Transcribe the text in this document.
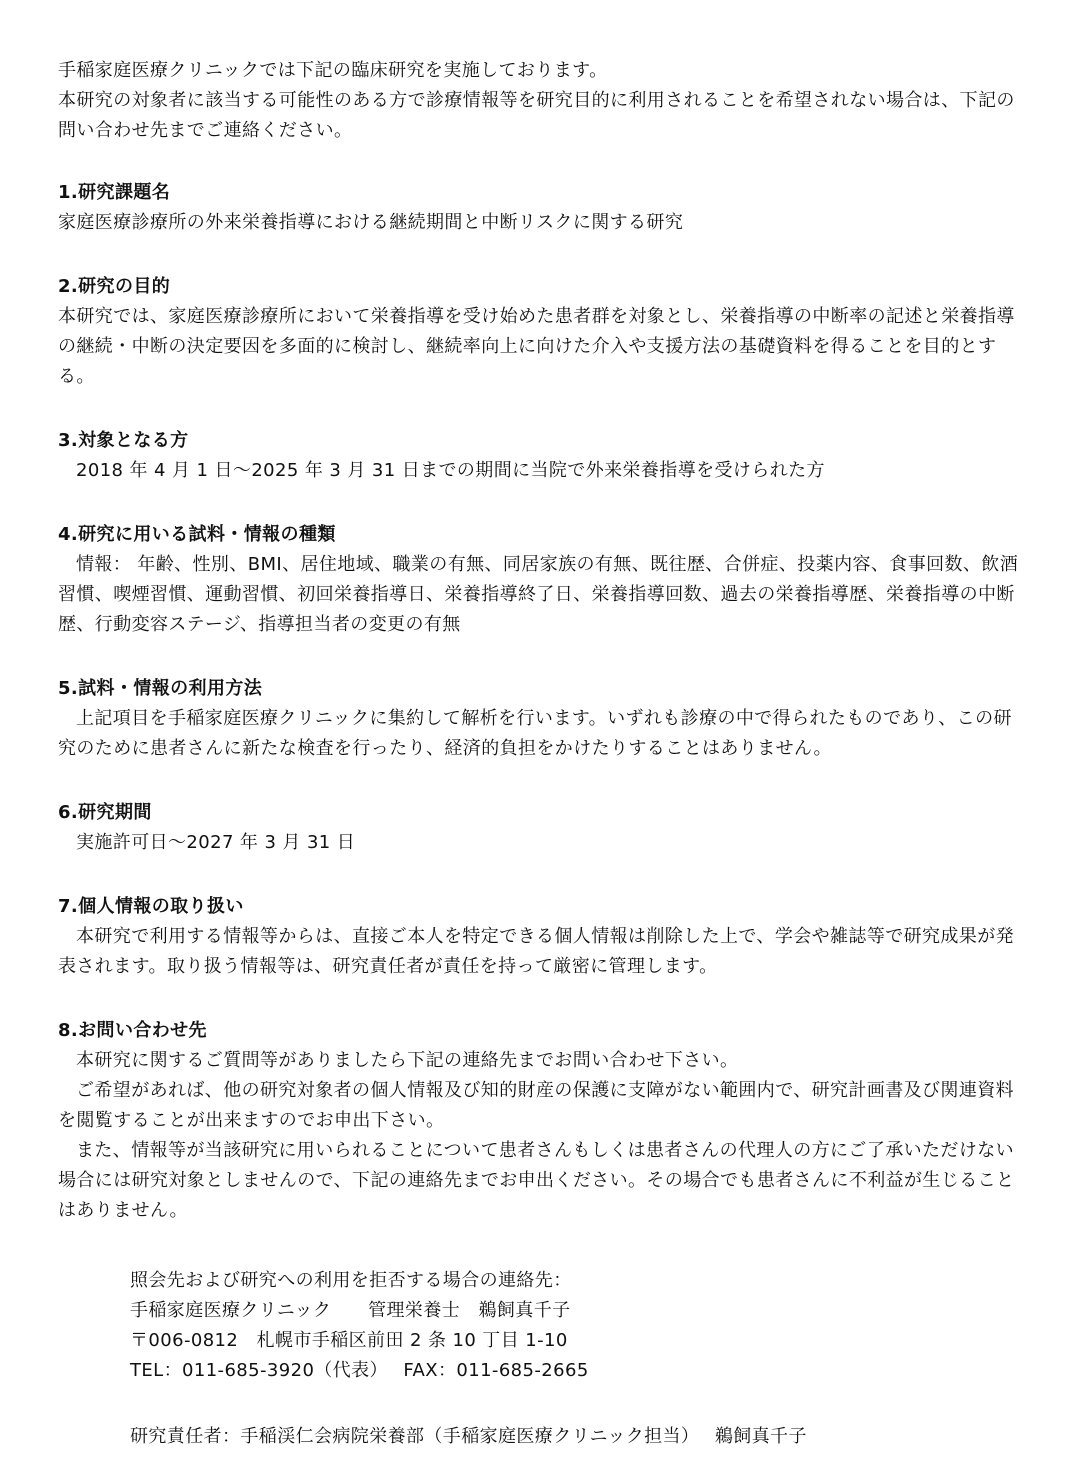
手稲家庭医療クリニックでは下記の臨床研究を実施しております。

本研究の対象者に該当する可能性のある方で診療情報等を研究目的に利用されることを希望されない場合は、下記の問い合わせ先までご連絡ください。

1.研究課題名

家庭医療診療所の外来栄養指導における継続期間と中断リスクに関する研究

2.研究の目的

本研究では、家庭医療診療所において栄養指導を受け始めた患者群を対象とし、栄養指導の中断率の記述と栄養指導の継続・中断の決定要因を多面的に検討し、継続率向上に向けた介入や支援方法の基礎資料を得ることを目的とする。

3.対象となる方

2018 年 4 月 1 日～2025 年 3 月 31 日までの期間に当院で外来栄養指導を受けられた方

4.研究に用いる試料・情報の種類

情報： 年齢、性別、BMI、居住地域、職業の有無、同居家族の有無、既往歴、合併症、投薬内容、食事回数、飲酒習慣、喫煙習慣、運動習慣、初回栄養指導日、栄養指導終了日、栄養指導回数、過去の栄養指導歴、栄養指導の中断歴、行動変容ステージ、指導担当者の変更の有無

5.試料・情報の利用方法

上記項目を手稲家庭医療クリニックに集約して解析を行います。いずれも診療の中で得られたものであり、この研究のために患者さんに新たな検査を行ったり、経済的負担をかけたりすることはありません。

6.研究期間

実施許可日～2027 年 3 月 31 日

7.個人情報の取り扱い

本研究で利用する情報等からは、直接ご本人を特定できる個人情報は削除した上で、学会や雑誌等で研究成果が発表されます。取り扱う情報等は、研究責任者が責任を持って厳密に管理します。

8.お問い合わせ先

本研究に関するご質問等がありましたら下記の連絡先までお問い合わせ下さい。

ご希望があれば、他の研究対象者の個人情報及び知的財産の保護に支障がない範囲内で、研究計画書及び関連資料を閲覧することが出来ますのでお申出下さい。

また、情報等が当該研究に用いられることについて患者さんもしくは患者さんの代理人の方にご了承いただけない場合には研究対象としませんので、下記の連絡先までお申出ください。その場合でも患者さんに不利益が生じることはありません。

照会先および研究への利用を拒否する場合の連絡先：

手稲家庭医療クリニック　　管理栄養士　鵜飼真千子

〒006-0812　札幌市手稲区前田 2 条 10 丁目 1-10

TEL：011-685-3920（代表）　 FAX：011-685-2665

研究責任者：手稲渓仁会病院栄養部（手稲家庭医療クリニック担当）　 鵜飼真千子
